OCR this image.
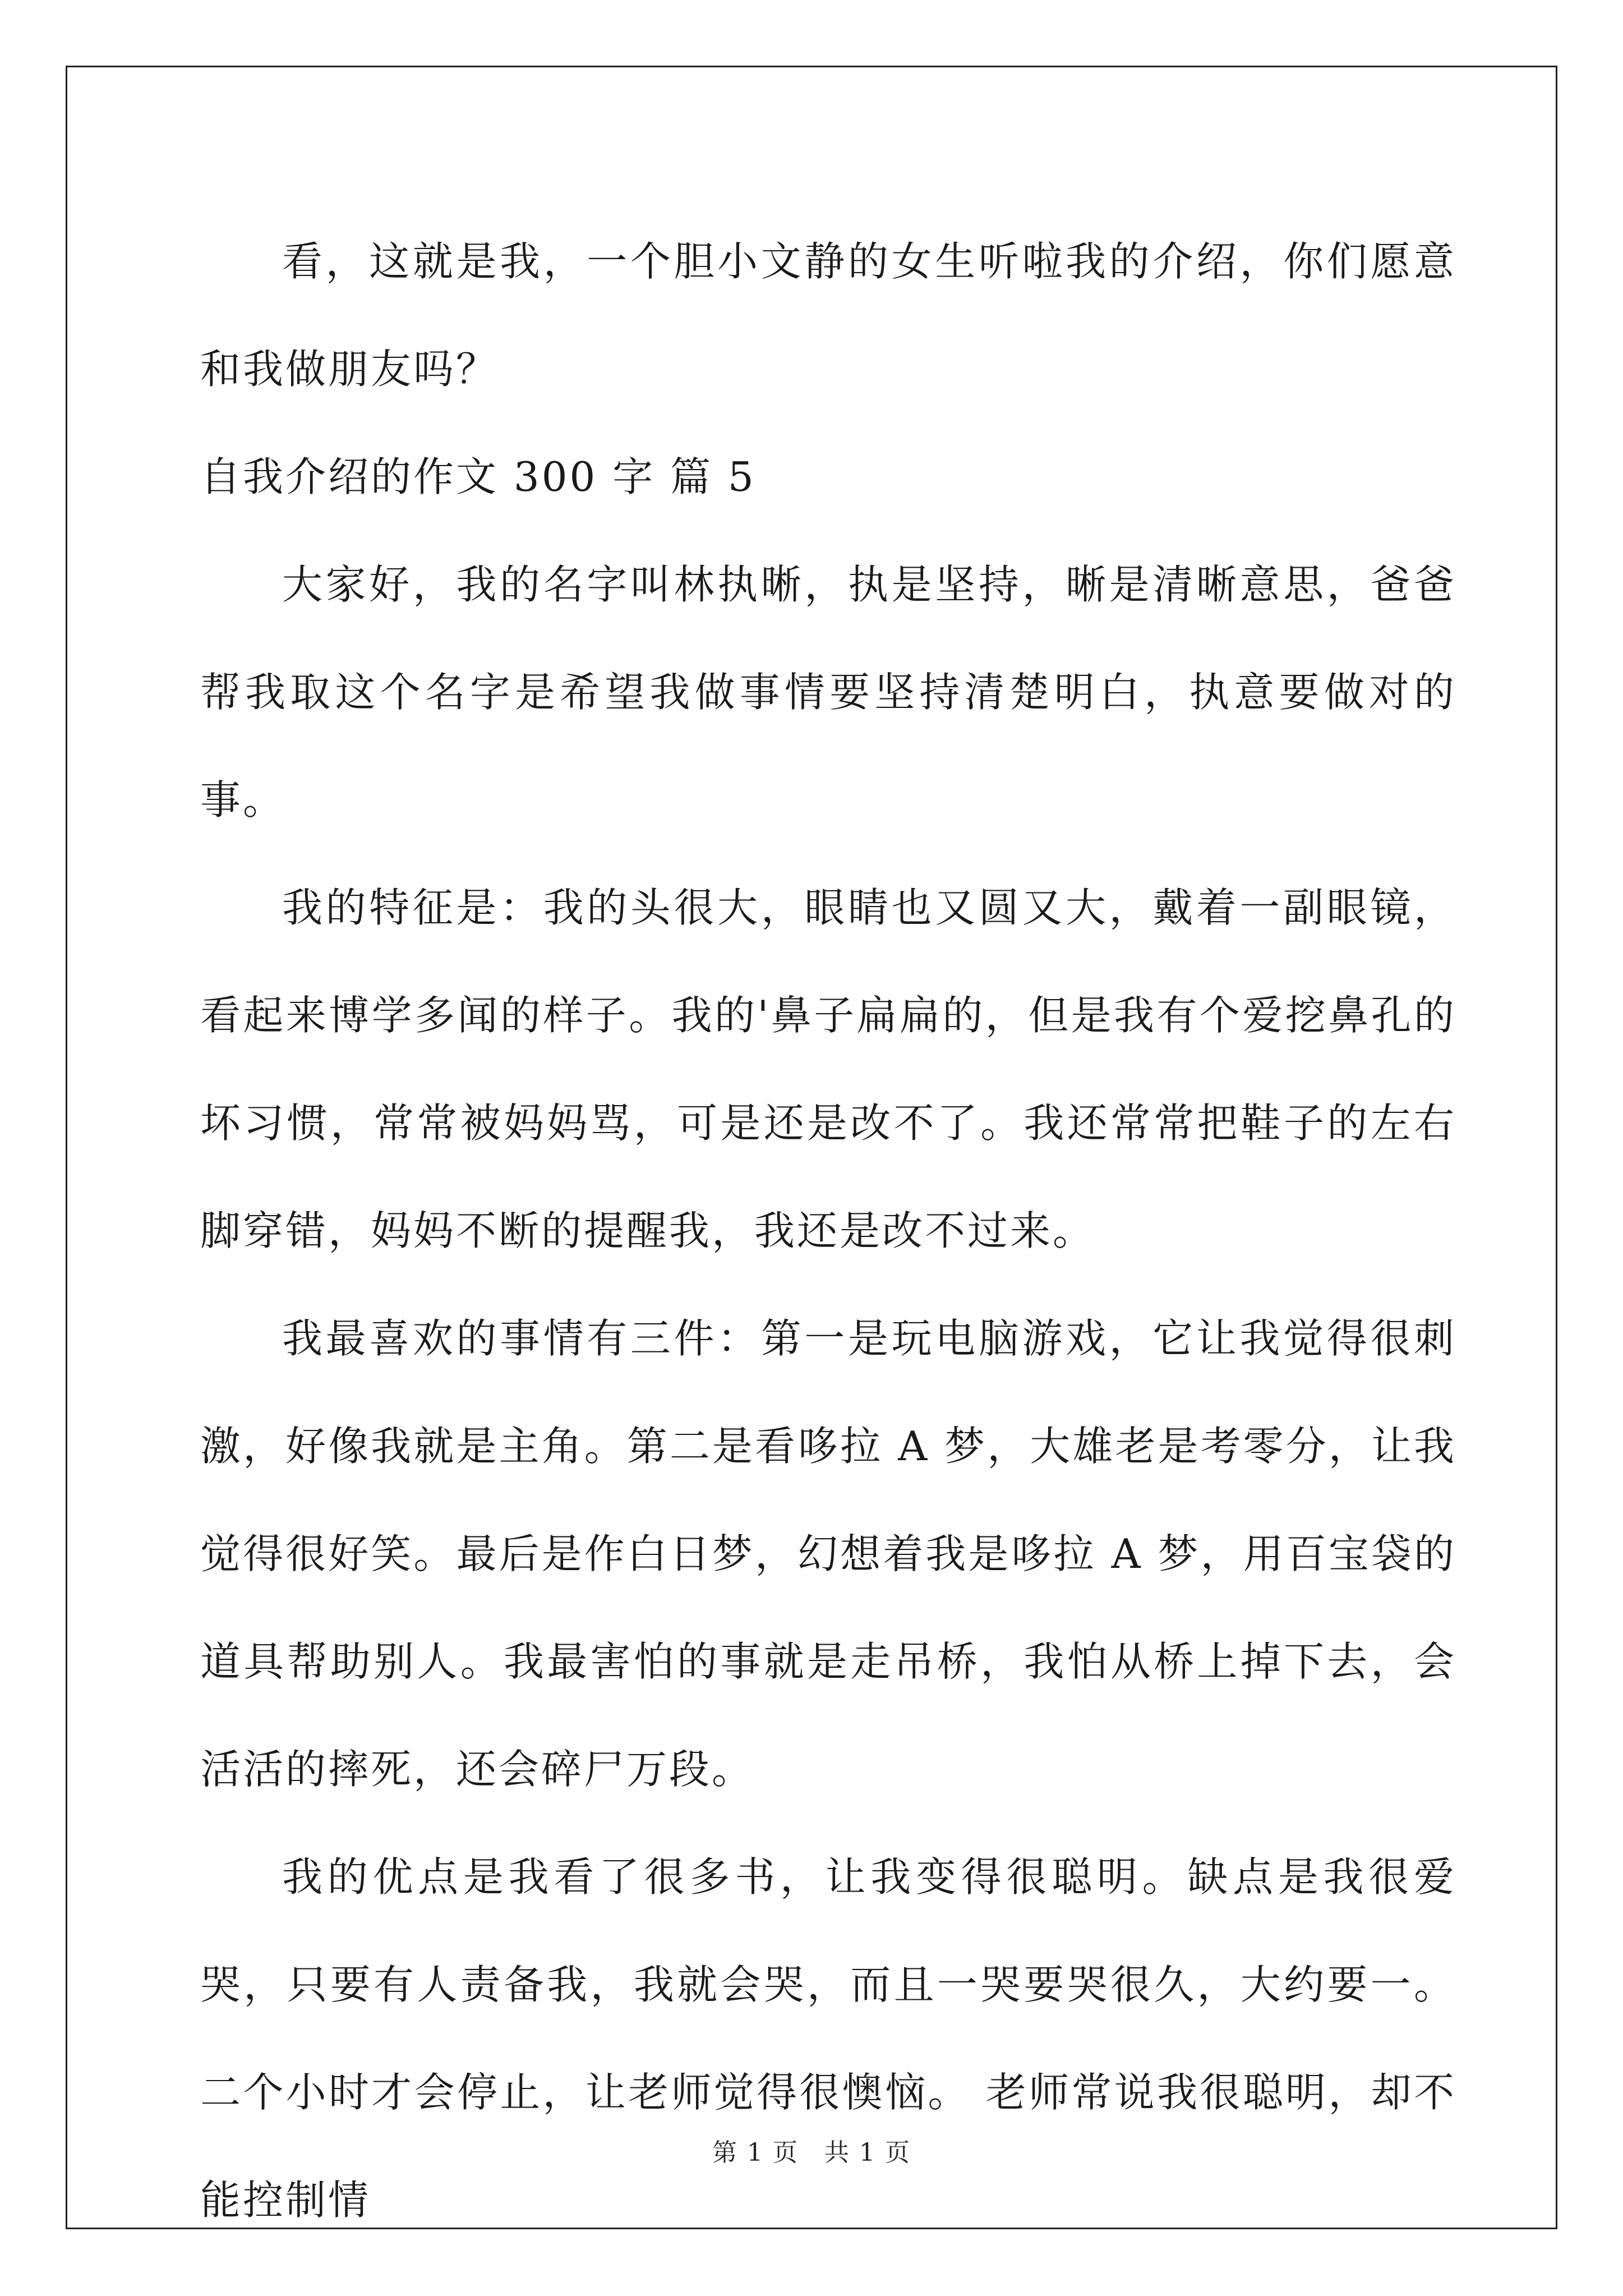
看，这就是我，一个胆小文静的女生听啦我的介绍，你们愿意和我做朋友吗？

自我介绍的作文 300 字 篇 5

大家好，我的名字叫林执晰，执是坚持，晰是清晰意思，爸爸帮我取这个名字是希望我做事情要坚持清楚明白，执意要做对的事。

我的特征是：我的头很大，眼睛也又圆又大，戴着一副眼镜，看起来博学多闻的样子。我的'鼻子扁扁的，但是我有个爱挖鼻孔的坏习惯，常常被妈妈骂，可是还是改不了。我还常常把鞋子的左右脚穿错，妈妈不断的提醒我，我还是改不过来。

我最喜欢的事情有三件：第一是玩电脑游戏，它让我觉得很刺激，好像我就是主角。第二是看哆拉 A 梦，大雄老是考零分，让我觉得很好笑。最后是作白日梦，幻想着我是哆拉 A 梦，用百宝袋的道具帮助别人。我最害怕的事就是走吊桥，我怕从桥上掉下去，会活活的摔死，还会碎尸万段。

我的优点是我看了很多书，让我变得很聪明。缺点是我很爱哭，只要有人责备我，我就会哭，而且一哭要哭很久，大约要一。二个小时才会停止，让老师觉得很懊恼。 老师常说我很聪明，却不能控制情

第 1 页　共 1 页
